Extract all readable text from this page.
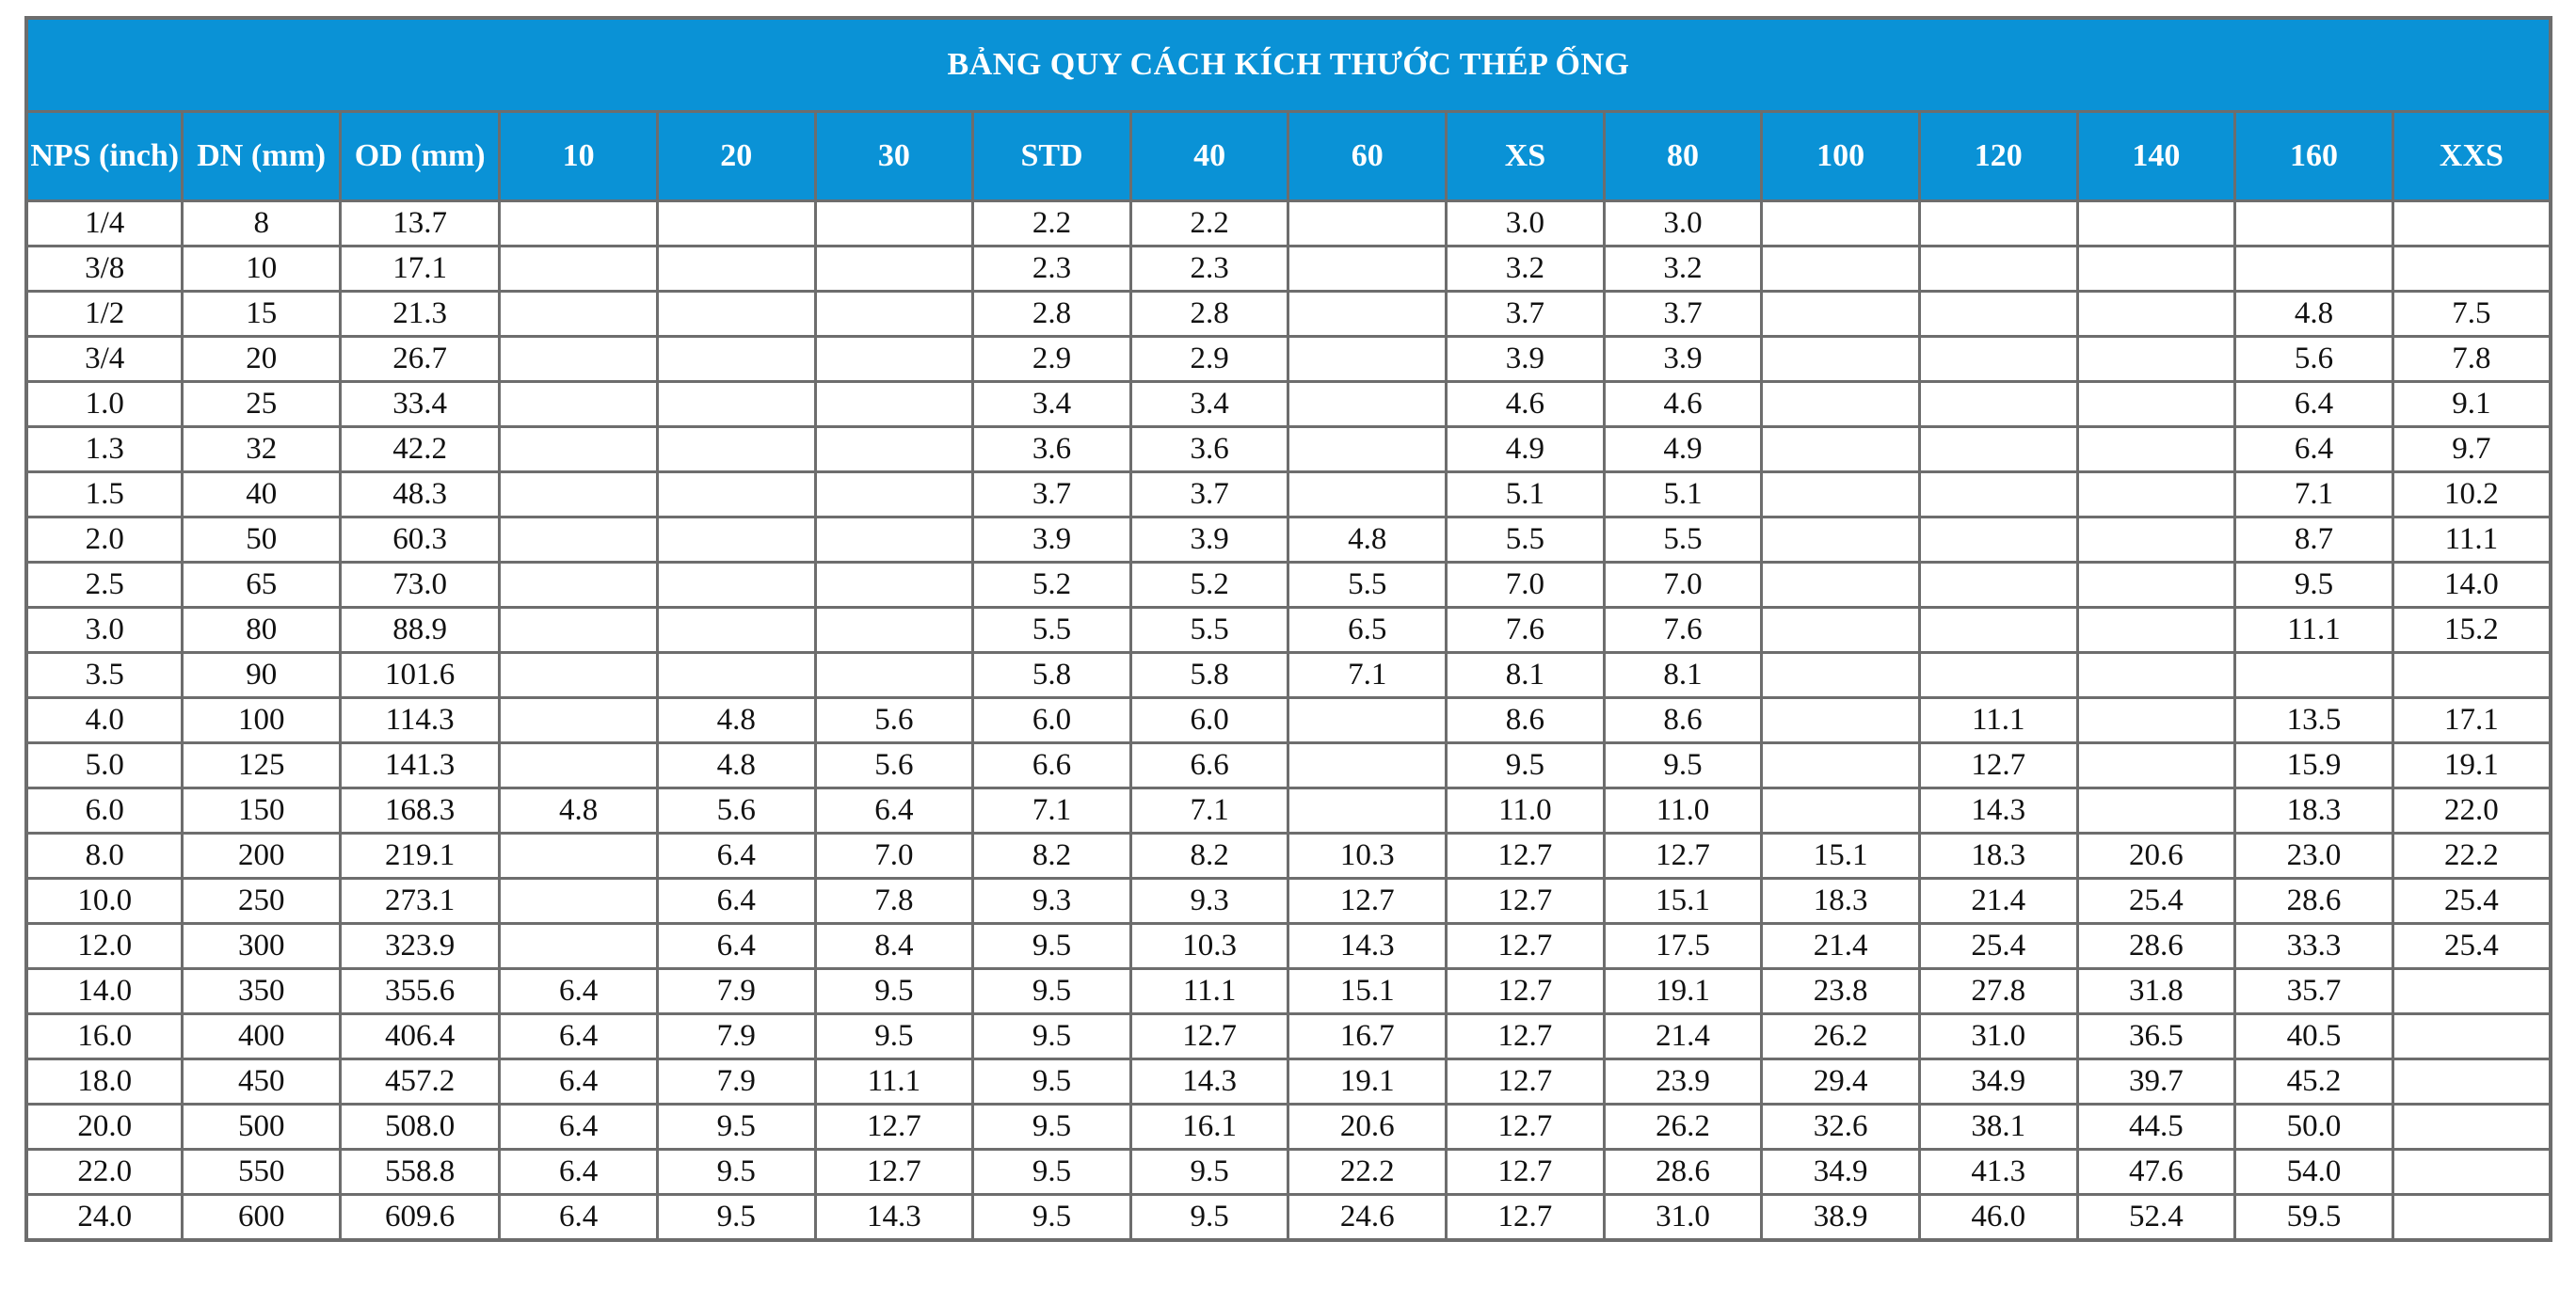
BẢNG QUY CÁCH KÍCH THƯỚC THÉP ỐNG															
NPS (inch)	DN (mm)	OD (mm)	10	20	30	STD	40	60	XS	80	100	120	140	160	XXS
1/4	8	13.7				2.2	2.2		3.0	3.0					
3/8	10	17.1				2.3	2.3		3.2	3.2					
1/2	15	21.3				2.8	2.8		3.7	3.7				4.8	7.5
3/4	20	26.7				2.9	2.9		3.9	3.9				5.6	7.8
1.0	25	33.4				3.4	3.4		4.6	4.6				6.4	9.1
1.3	32	42.2				3.6	3.6		4.9	4.9				6.4	9.7
1.5	40	48.3				3.7	3.7		5.1	5.1				7.1	10.2
2.0	50	60.3				3.9	3.9	4.8	5.5	5.5				8.7	11.1
2.5	65	73.0				5.2	5.2	5.5	7.0	7.0				9.5	14.0
3.0	80	88.9				5.5	5.5	6.5	7.6	7.6				11.1	15.2
3.5	90	101.6				5.8	5.8	7.1	8.1	8.1					
4.0	100	114.3		4.8	5.6	6.0	6.0		8.6	8.6		11.1		13.5	17.1
5.0	125	141.3		4.8	5.6	6.6	6.6		9.5	9.5		12.7		15.9	19.1
6.0	150	168.3	4.8	5.6	6.4	7.1	7.1		11.0	11.0		14.3		18.3	22.0
8.0	200	219.1		6.4	7.0	8.2	8.2	10.3	12.7	12.7	15.1	18.3	20.6	23.0	22.2
10.0	250	273.1		6.4	7.8	9.3	9.3	12.7	12.7	15.1	18.3	21.4	25.4	28.6	25.4
12.0	300	323.9		6.4	8.4	9.5	10.3	14.3	12.7	17.5	21.4	25.4	28.6	33.3	25.4
14.0	350	355.6	6.4	7.9	9.5	9.5	11.1	15.1	12.7	19.1	23.8	27.8	31.8	35.7	
16.0	400	406.4	6.4	7.9	9.5	9.5	12.7	16.7	12.7	21.4	26.2	31.0	36.5	40.5	
18.0	450	457.2	6.4	7.9	11.1	9.5	14.3	19.1	12.7	23.9	29.4	34.9	39.7	45.2	
20.0	500	508.0	6.4	9.5	12.7	9.5	16.1	20.6	12.7	26.2	32.6	38.1	44.5	50.0	
22.0	550	558.8	6.4	9.5	12.7	9.5	9.5	22.2	12.7	28.6	34.9	41.3	47.6	54.0	
24.0	600	609.6	6.4	9.5	14.3	9.5	9.5	24.6	12.7	31.0	38.9	46.0	52.4	59.5	
